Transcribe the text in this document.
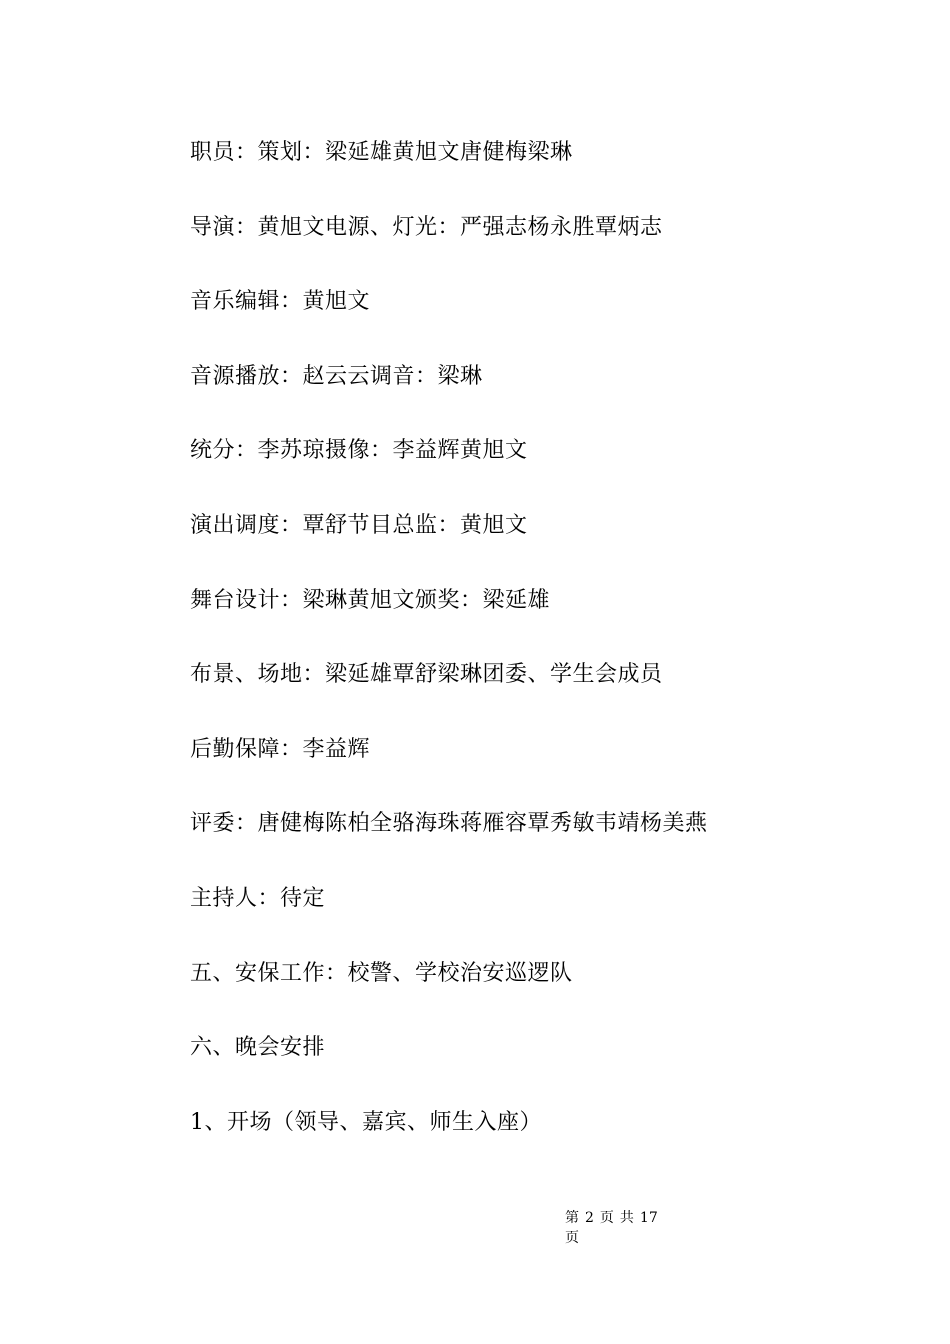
职员：策划：梁延雄黄旭文唐健梅梁琳
导演：黄旭文电源、灯光：严强志杨永胜覃炳志
音乐编辑：黄旭文
音源播放：赵云云调音：梁琳
统分：李苏琼摄像：李益辉黄旭文
演出调度：覃舒节目总监：黄旭文
舞台设计：梁琳黄旭文颁奖：梁延雄
布景、场地：梁延雄覃舒梁琳团委、学生会成员
后勤保障：李益辉
评委：唐健梅陈柏全骆海珠蒋雁容覃秀敏韦靖杨美燕
主持人：待定
五、安保工作：校警、学校治安巡逻队
六、晚会安排
1、开场（领导、嘉宾、师生入座）
第 2 页 共 17页
